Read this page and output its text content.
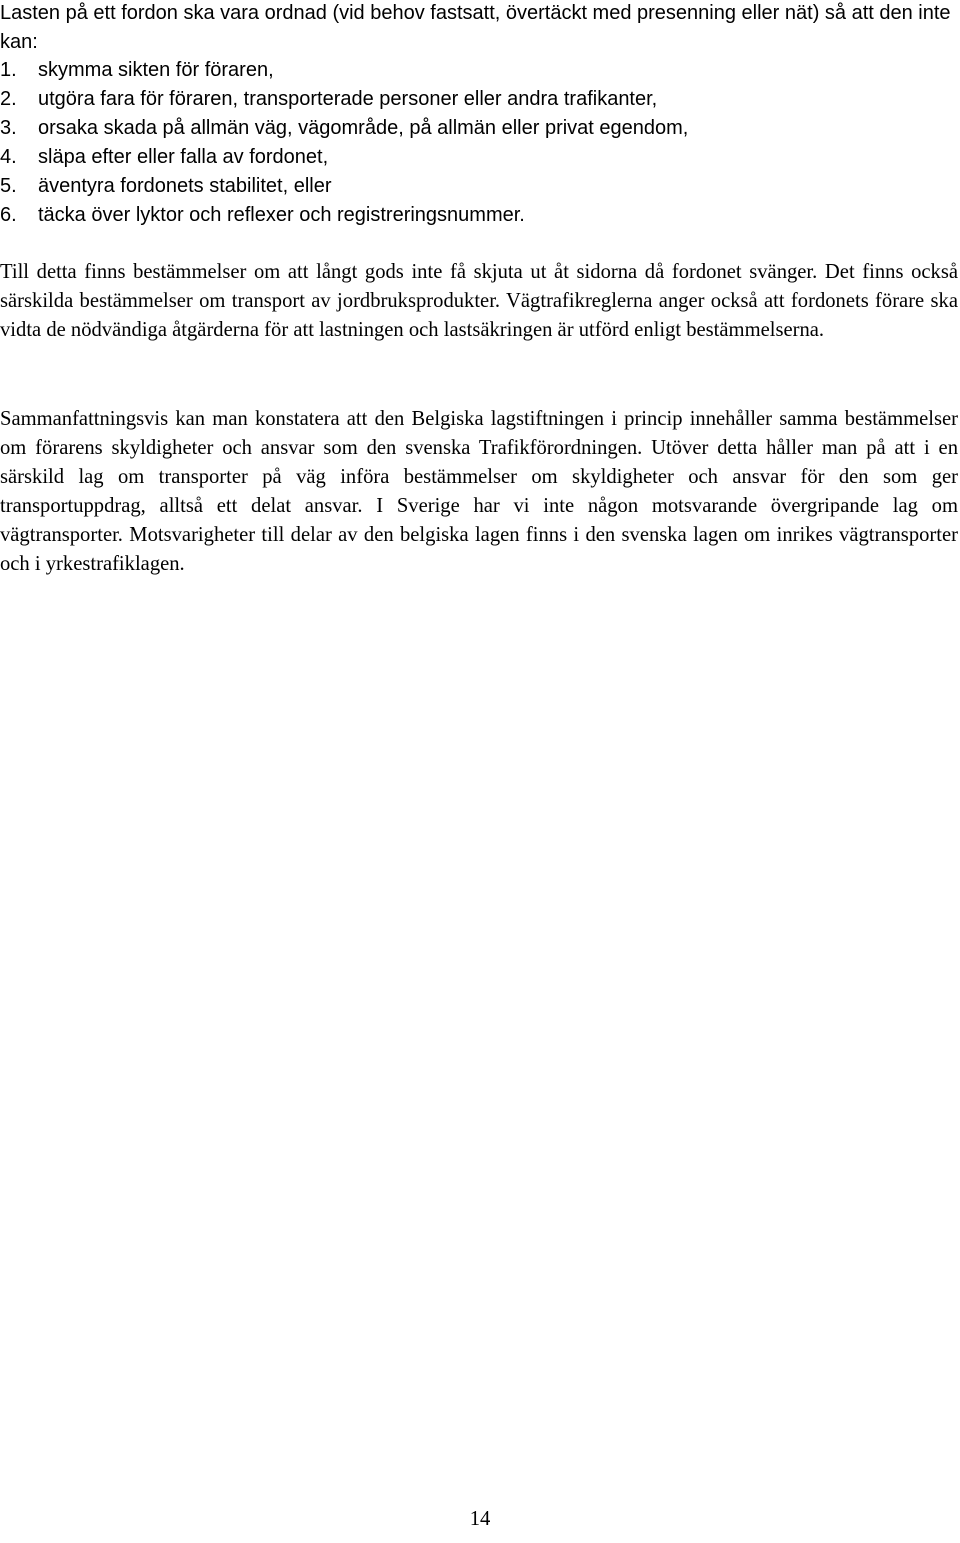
Lasten på ett fordon ska vara ordnad (vid behov fastsatt, övertäckt med presenning eller nät) så att den inte kan:

1.	skymma sikten för föraren,
2.	utgöra fara för föraren, transporterade personer eller andra trafikanter,
3.	orsaka skada på allmän väg, vägområde, på allmän eller privat egendom,
4.	släpa efter eller falla av fordonet,
5.	äventyra fordonets stabilitet, eller
6.	täcka över lyktor och reflexer och registreringsnummer.

Till detta finns bestämmelser om att långt gods inte få skjuta ut åt sidorna då fordonet svänger. Det finns också särskilda bestämmelser om transport av jordbruksprodukter. Vägtrafikreglerna anger också att fordonets förare ska vidta de nödvändiga åtgärderna för att lastningen och lastsäkringen är utförd enligt bestämmelserna.

Sammanfattningsvis kan man konstatera att den Belgiska lagstiftningen i princip innehåller samma bestämmelser om förarens skyldigheter och ansvar som den svenska Trafikförordningen. Utöver detta håller man på att i en särskild lag om transporter på väg införa bestämmelser om skyldigheter och ansvar för den som ger transportuppdrag, alltså ett delat ansvar. I Sverige har vi inte någon motsvarande övergripande lag om vägtransporter. Motsvarigheter till delar av den belgiska lagen finns i den svenska lagen om inrikes vägtransporter och i yrkestrafiklagen.

14
